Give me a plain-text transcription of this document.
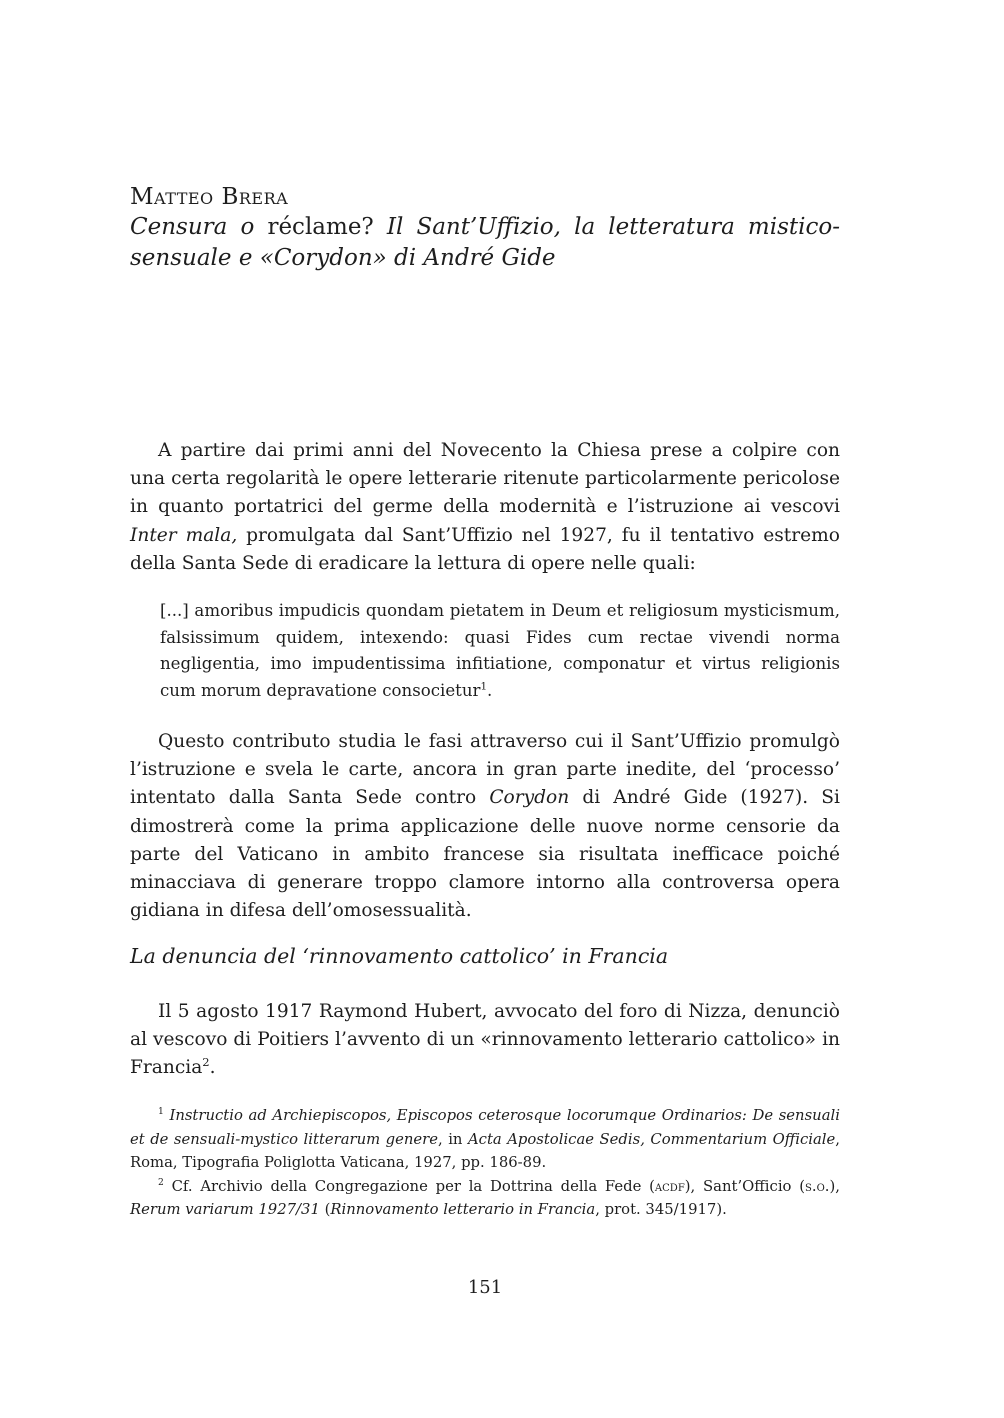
Matteo Brera
Censura o réclame? Il Sant’Uffizio, la letteratura mistico-sensuale e «Corydon» di André Gide
A partire dai primi anni del Novecento la Chiesa prese a colpire con una certa regolarità le opere letterarie ritenute particolarmente pericolose in quanto portatrici del germe della modernità e l’istruzione ai vescovi Inter mala, promulgata dal Sant’Uffizio nel 1927, fu il tentativo estremo della Santa Sede di eradicare la lettura di opere nelle quali:
[...] amoribus impudicis quondam pietatem in Deum et religiosum mysticismum, falsissimum quidem, intexendo: quasi Fides cum rectae vivendi norma negligentia, imo impudentissima infitiatione, componatur et virtus religionis cum morum depravatione consocietur$^1$.
Questo contributo studia le fasi attraverso cui il Sant’Uffizio promulgò l’istruzione e svela le carte, ancora in gran parte inedite, del ‘processo’ intentato dalla Santa Sede contro Corydon di André Gide (1927). Si dimostrerà come la prima applicazione delle nuove norme censorie da parte del Vaticano in ambito francese sia risultata inefficace poiché minacciava di generare troppo clamore intorno alla controversa opera gidiana in difesa dell’omosessualità.
La denuncia del ‘rinnovamento cattolico’ in Francia
Il 5 agosto 1917 Raymond Hubert, avvocato del foro di Nizza, denunciò al vescovo di Poitiers l’avvento di un «rinnovamento letterario cattolico» in Francia$^2$.

$^1$ Instructio ad Archiepiscopos, Episcopos ceterosque locorumque Ordinarios: De sensuali et de sensuali-mystico litterarum genere, in Acta Apostolicae Sedis, Commentarium Officiale, Roma, Tipografia Poliglotta Vaticana, 1927, pp. 186-89.

$^2$ Cf. Archivio della Congregazione per la Dottrina della Fede (acdf), Sant’Officio (s.o.), Rerum variarum 1927/31 (Rinnovamento letterario in Francia, prot. 345/1917).

151
